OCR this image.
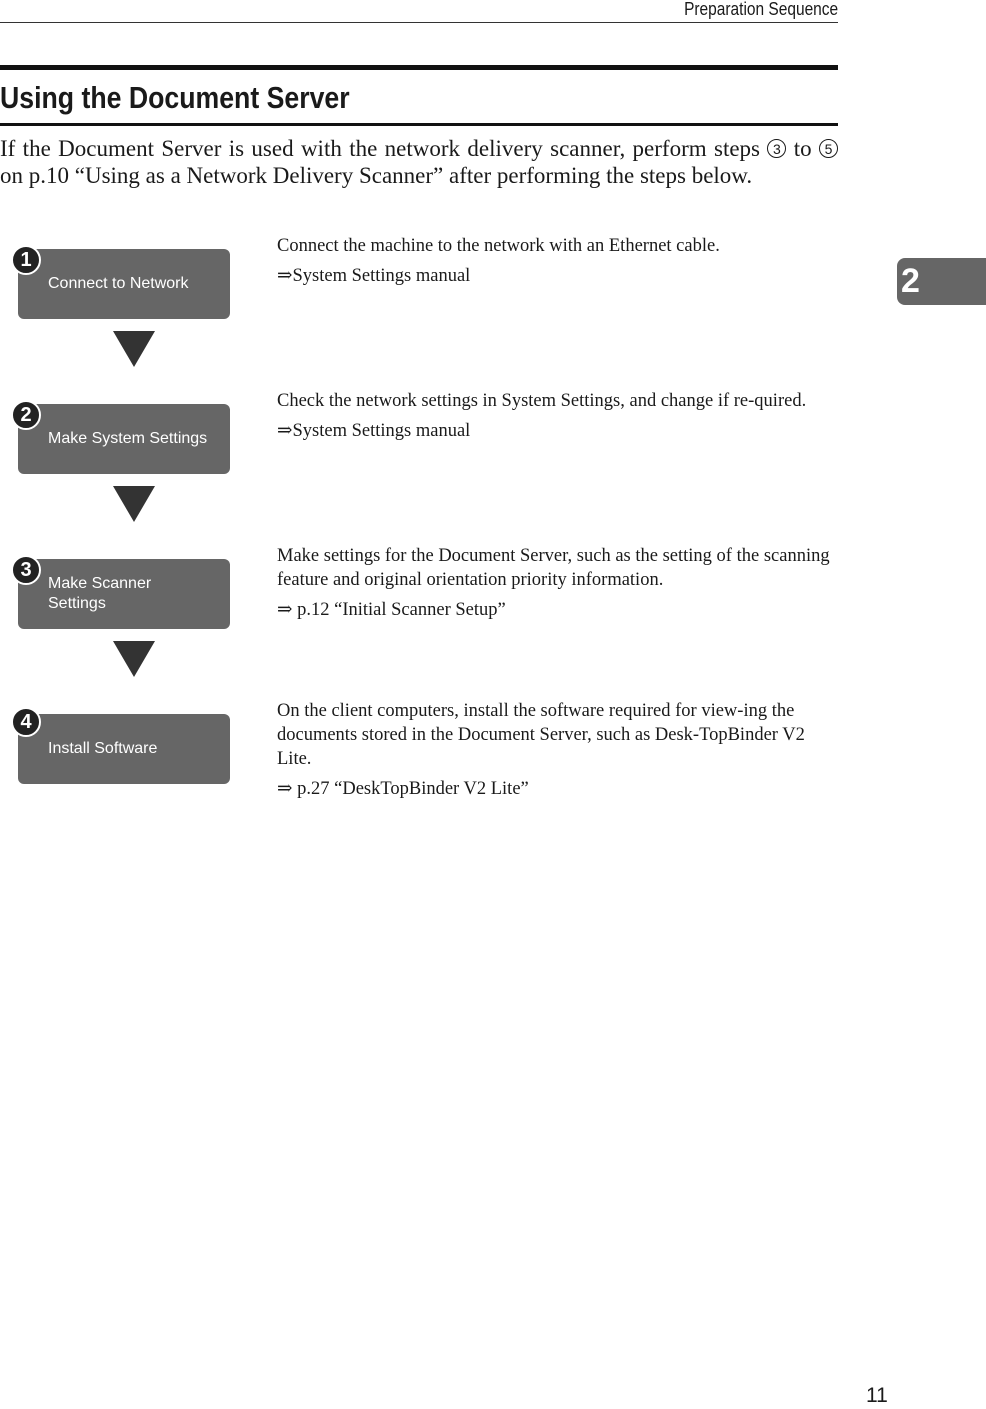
Preparation Sequence
2
Using the Document Server
If the Document Server is used with the network delivery scanner, perform steps 3 to 5 on p.10 “Using as a Network Delivery Scanner” after performing the steps below.
Connect to Network
1

Connect the machine to the network with an Ethernet cable.

⇒System Settings manual

Make System Settings
2

Check the network settings in System Settings, and change if re-quired.

⇒System Settings manual

Make Scanner Settings
3

Make settings for the Document Server, such as the setting of the scanning feature and original orientation priority information.

⇒ p.12 “Initial Scanner Setup”

Install Software
4	On the client computers, install the software required for view-ing the documents stored in the Document Server, such as Desk-TopBinder V2 Lite.

⇒ p.27 “DeskTopBinder V2 Lite”

11
